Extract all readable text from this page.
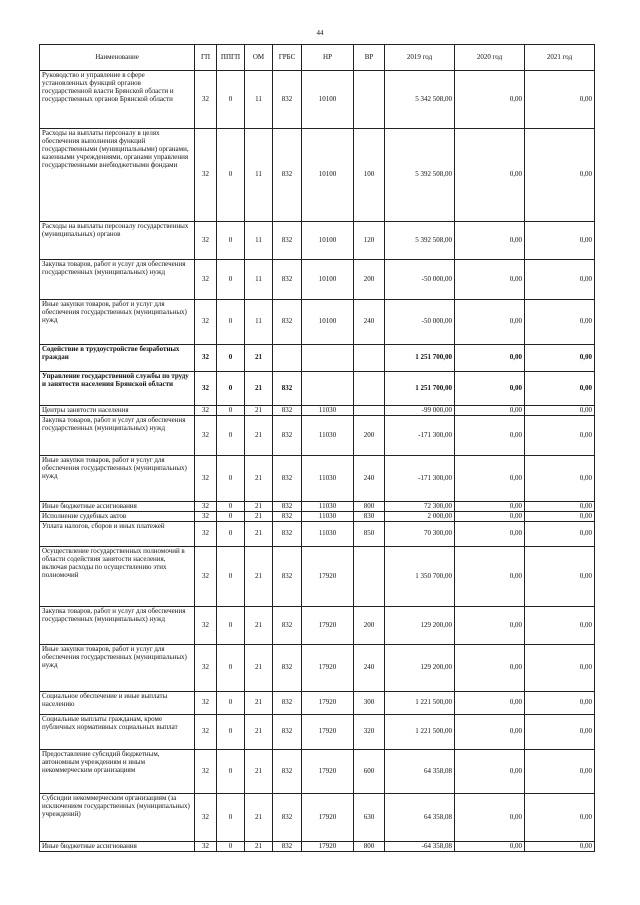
44
Наименование	ГП	ППГП	ОМ	ГРБС	НР	ВР	2019 год	2020 год	2021 год
Руководство и управление в сфере установленных функций органов государственной власти Брянской области и государственных органов Брянской области	32	0	11	832	10100		5 342 508,00	0,00	0,00
Расходы на выплаты персоналу в целях обеспечения выполнения функций государственными (муниципальными) органами, казенными учреждениями, органами управления государственными внебюджетными фондами	32	0	11	832	10100	100	5 392 508,00	0,00	0,00
Расходы на выплаты персоналу государственных (муниципальных) органов	32	0	11	832	10100	120	5 392 508,00	0,00	0,00
Закупка товаров, работ и услуг для обеспечения государственных (муниципальных) нужд	32	0	11	832	10100	200	-50 000,00	0,00	0,00
Иные закупки товаров, работ и услуг для обеспечения государственных (муниципальных) нужд	32	0	11	832	10100	240	-50 000,00	0,00	0,00
Содействие в трудоустройстве безработных граждан	32	0	21				1 251 700,00	0,00	0,00
Управление государственной службы по труду и занятости населения Брянской области	32	0	21	832			1 251 700,00	0,00	0,00
Центры занятости населения	32	0	21	832	11030		-99 000,00	0,00	0,00
Закупка товаров, работ и услуг для обеспечения государственных (муниципальных) нужд	32	0	21	832	11030	200	-171 300,00	0,00	0,00
Иные закупки товаров, работ и услуг для обеспечения государственных (муниципальных) нужд	32	0	21	832	11030	240	-171 300,00	0,00	0,00
Иные бюджетные ассигнования	32	0	21	832	11030	800	72 300,00	0,00	0,00
Исполнение судебных актов	32	0	21	832	11030	830	2 000,00	0,00	0,00
Уплата налогов, сборов и иных платежей	32	0	21	832	11030	850	70 300,00	0,00	0,00
Осуществление государственных полномочий в области содействия занятости населения, включая расходы по осуществлению этих полномочий	32	0	21	832	17920		1 350 700,00	0,00	0,00
Закупка товаров, работ и услуг для обеспечения государственных (муниципальных) нужд	32	0	21	832	17920	200	129 200,00	0,00	0,00
Иные закупки товаров, работ и услуг для обеспечения государственных (муниципальных) нужд	32	0	21	832	17920	240	129 200,00	0,00	0,00
Социальное обеспечение и иные выплаты населению	32	0	21	832	17920	300	1 221 500,00	0,00	0,00
Социальные выплаты гражданам, кроме публичных нормативных социальных выплат	32	0	21	832	17920	320	1 221 500,00	0,00	0,00
Предоставление субсидий бюджетным, автономным учреждениям и иным некоммерческим организациям	32	0	21	832	17920	600	64 358,08	0,00	0,00
Субсидии некоммерческим организациям (за исключением государственных (муниципальных) учреждений)	32	0	21	832	17920	630	64 358,08	0,00	0,00
Иные бюджетные ассигнования	32	0	21	832	17920	800	-64 358,08	0,00	0,00
